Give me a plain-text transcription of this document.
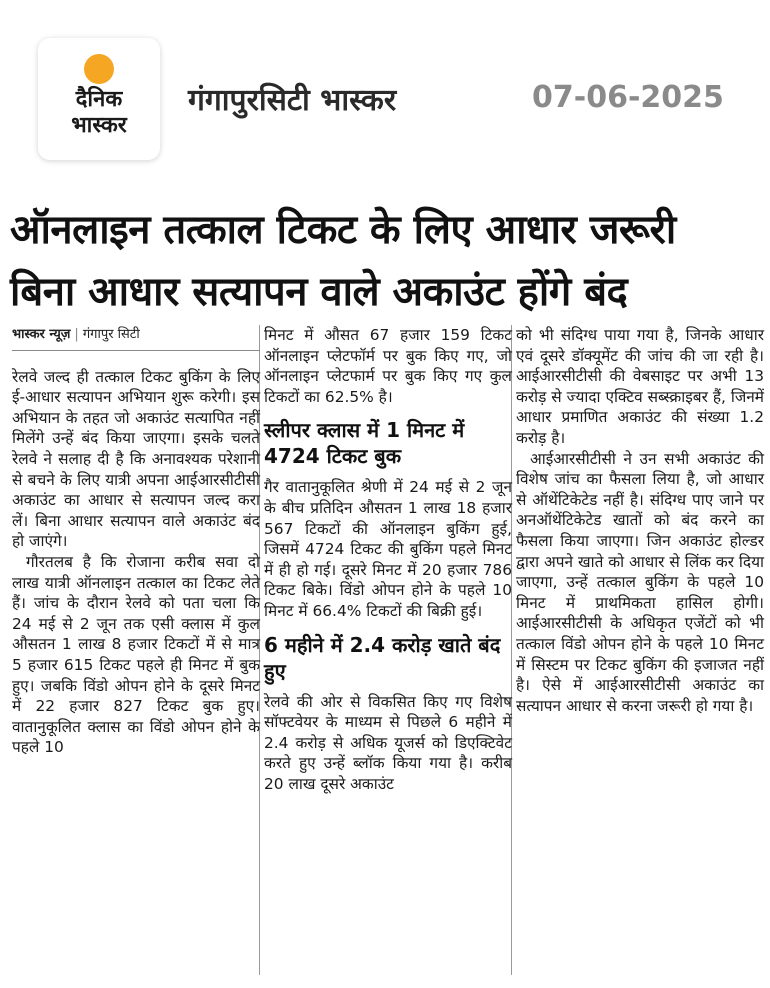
दैनिक
भास्कर
गंगापुरसिटी भास्कर	07-06-2025
ऑनलाइन तत्काल टिकट के लिए आधार जरूरी
बिना आधार सत्यापन वाले अकाउंट होंगे बंद
भास्कर न्यूज़ | गंगापुर सिटी

रेलवे जल्द ही तत्काल टिकट बुकिंग के लिए ई-आधार सत्यापन अभियान शुरू करेगी। इस अभियान के तहत जो अकाउंट सत्यापित नहीं मिलेंगे उन्हें बंद किया जाएगा। इसके चलते रेलवे ने सलाह दी है कि अनावश्यक परेशानी से बचने के लिए यात्री अपना आईआरसीटीसी अकाउंट का आधार से सत्यापन जल्द करा लें। बिना आधार सत्यापन वाले अकाउंट बंद हो जाएंगे।

गौरतलब है कि रोजाना करीब सवा दो लाख यात्री ऑनलाइन तत्काल का टिकट लेते हैं। जांच के दौरान रेलवे को पता चला कि 24 मई से 2 जून तक एसी क्लास में कुल औसतन 1 लाख 8 हजार टिकटों में से मात्र 5 हजार 615 टिकट पहले ही मिनट में बुक हुए। जबकि विंडो ओपन होने के दूसरे मिनट में 22 हजार 827 टिकट बुक हुए। वातानुकूलित क्लास का विंडो ओपन होने के पहले 10

मिनट में औसत 67 हजार 159 टिकट ऑनलाइन प्लेटफॉर्म पर बुक किए गए, जो ऑनलाइन प्लेटफार्म पर बुक किए गए कुल टिकटों का 62.5% है।

स्लीपर क्लास में 1 मिनट में 4724 टिकट बुक

गैर वातानुकूलित श्रेणी में 24 मई से 2 जून के बीच प्रतिदिन औसतन 1 लाख 18 हजार 567 टिकटों की ऑनलाइन बुकिंग हुई, जिसमें 4724 टिकट की बुकिंग पहले मिनट में ही हो गई। दूसरे मिनट में 20 हजार 786 टिकट बिके। विंडो ओपन होने के पहले 10 मिनट में 66.4% टिकटों की बिक्री हुई।

6 महीने में 2.4 करोड़ खाते बंद हुए

रेलवे की ओर से विकसित किए गए विशेष सॉफ्टवेयर के माध्यम से पिछले 6 महीने में 2.4 करोड़ से अधिक यूजर्स को डिएक्टिवेट करते हुए उन्हें ब्लॉक किया गया है। करीब 20 लाख दूसरे अकाउंट

को भी संदिग्ध पाया गया है, जिनके आधार एवं दूसरे डॉक्यूमेंट की जांच की जा रही है। आईआरसीटीसी की वेबसाइट पर अभी 13 करोड़ से ज्यादा एक्टिव सब्स्क्राइबर हैं, जिनमें आधार प्रमाणित अकाउंट की संख्या 1.2 करोड़ है।

आईआरसीटीसी ने उन सभी अकाउंट की विशेष जांच का फैसला लिया है, जो आधार से ऑथेंटिकेटेड नहीं है। संदिग्ध पाए जाने पर अनऑथेंटिकेटेड खातों को बंद करने का फैसला किया जाएगा। जिन अकाउंट होल्डर द्वारा अपने खाते को आधार से लिंक कर दिया जाएगा, उन्हें तत्काल बुकिंग के पहले 10 मिनट में प्राथमिकता हासिल होगी। आईआरसीटीसी के अधिकृत एजेंटों को भी तत्काल विंडो ओपन होने के पहले 10 मिनट में सिस्टम पर टिकट बुकिंग की इजाजत नहीं है। ऐसे में आईआरसीटीसी अकाउंट का सत्यापन आधार से करना जरूरी हो गया है।
